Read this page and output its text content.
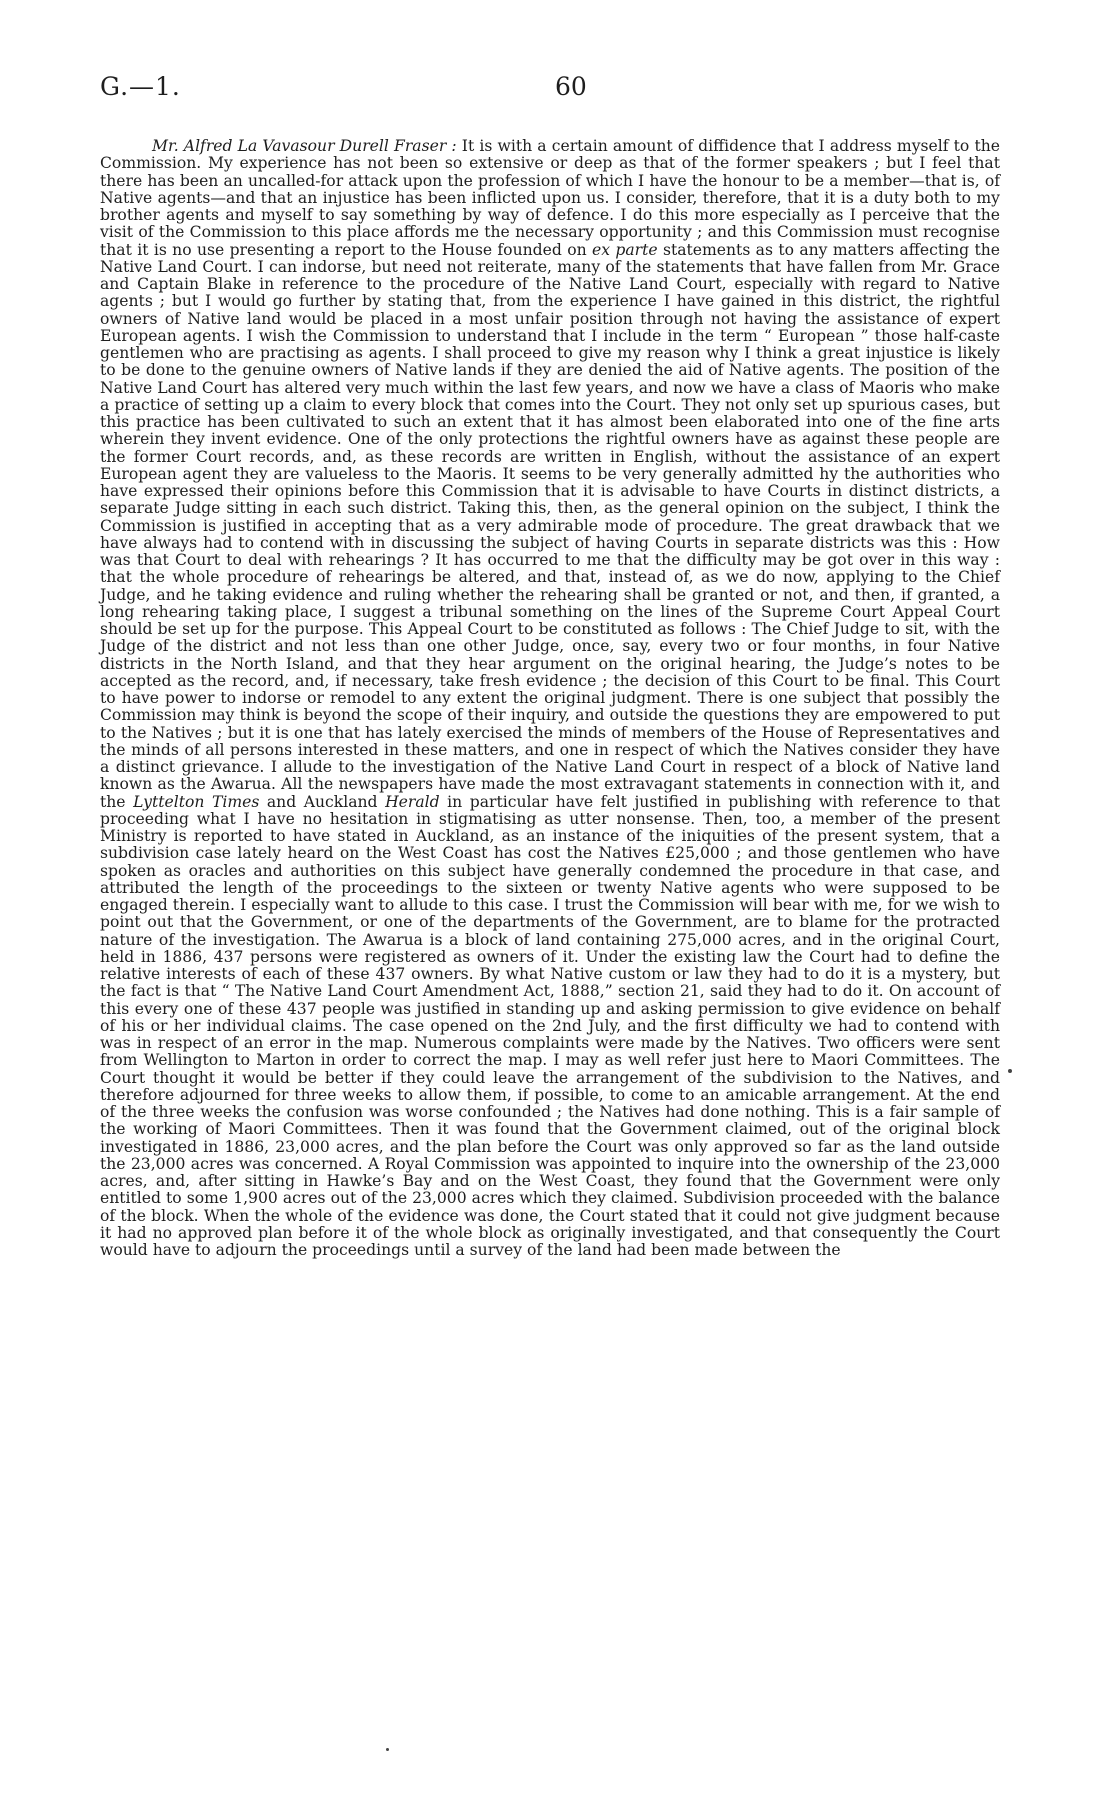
G.—1.	60

Mr. Alfred La Vavasour Durell Fraser : It is with a certain amount of diffidence that I address myself to the Commission. My experience has not been so extensive or deep as that of the former speakers ; but I feel that there has been an uncalled-for attack upon the profession of which I have the honour to be a member—that is, of Native agents—and that an injustice has been inflicted upon us. I consider, therefore, that it is a duty both to my brother agents and myself to say something by way of defence. I do this more especially as I perceive that the visit of the Commission to this place affords me the necessary opportunity ; and this Commission must recognise that it is no use presenting a report to the House founded on ex parte statements as to any matters affecting the Native Land Court. I can indorse, but need not reiterate, many of the statements that have fallen from Mr. Grace and Captain Blake in reference to the procedure of the Native Land Court, especially with regard to Native agents ; but I would go further by stating that, from the experience I have gained in this district, the rightful owners of Native land would be placed in a most unfair position through not having the assistance of expert European agents. I wish the Commission to understand that I include in the term “ European ” those half-caste gentlemen who are practising as agents. I shall proceed to give my reason why I think a great injustice is likely to be done to the genuine owners of Native lands if they are denied the aid of Native agents. The position of the Native Land Court has altered very much within the last few years, and now we have a class of Maoris who make a practice of setting up a claim to every block that comes into the Court. They not only set up spurious cases, but this practice has been cultivated to such an extent that it has almost been elaborated into one of the fine arts wherein they invent evidence. One of the only protections the rightful owners have as against these people are the former Court records, and, as these records are written in English, without the assistance of an expert European agent they are valueless to the Maoris. It seems to be very generally admitted hy the authorities who have expressed their opinions before this Commission that it is advisable to have Courts in distinct districts, a separate Judge sitting in each such district. Taking this, then, as the general opinion on the subject, I think the Commission is justified in accepting that as a very admirable mode of procedure. The great drawback that we have always had to contend with in discussing the subject of having Courts in separate districts was this : How was that Court to deal with rehearings ? It has occurred to me that the difficulty may be got over in this way : that the whole procedure of rehearings be altered, and that, instead of, as we do now, applying to the Chief Judge, and he taking evidence and ruling whether the rehearing shall be granted or not, and then, if granted, a long rehearing taking place, I suggest a tribunal something on the lines of the Supreme Court Appeal Court should be set up for the purpose. This Appeal Court to be constituted as follows : The Chief Judge to sit, with the Judge of the district and not less than one other Judge, once, say, every two or four months, in four Native districts in the North Island, and that they hear argument on the original hearing, the Judge’s notes to be accepted as the record, and, if necessary, take fresh evidence ; the decision of this Court to be final. This Court to have power to indorse or remodel to any extent the original judgment. There is one subject that possibly the Commission may think is beyond the scope of their inquiry, and outside the questions they are empowered to put to the Natives ; but it is one that has lately exercised the minds of members of the House of Representatives and the minds of all persons interested in these matters, and one in respect of which the Natives consider they have a distinct grievance. I allude to the investigation of the Native Land Court in respect of a block of Native land known as the Awarua. All the newspapers have made the most extravagant statements in connection with it, and the Lyttelton Times and Auckland Herald in particular have felt justified in publishing with reference to that proceeding what I have no hesitation in stigmatising as utter nonsense. Then, too, a member of the present Ministry is reported to have stated in Auckland, as an instance of the iniquities of the present system, that a subdivision case lately heard on the West Coast has cost the Natives £25,000 ; and those gentlemen who have spoken as oracles and authorities on this subject have generally condemned the procedure in that case, and attributed the length of the proceedings to the sixteen or twenty Native agents who were supposed to be engaged therein. I especially want to allude to this case. I trust the Commission will bear with me, for we wish to point out that the Government, or one of the departments of the Government, are to blame for the protracted nature of the investigation. The Awarua is a block of land containing 275,000 acres, and in the original Court, held in 1886, 437 persons were registered as owners of it. Under the existing law the Court had to define the relative interests of each of these 437 owners. By what Native custom or law they had to do it is a mystery, but the fact is that “ The Native Land Court Amendment Act, 1888,” section 21, said they had to do it. On account of this every one of these 437 people was justified in standing up and asking permission to give evidence on behalf of his or her individual claims. The case opened on the 2nd July, and the first difficulty we had to contend with was in respect of an error in the map. Numerous complaints were made by the Natives. Two officers were sent from Wellington to Marton in order to correct the map. I may as well refer just here to Maori Committees. The Court thought it would be better if they could leave the arrangement of the subdivision to the Natives, and therefore adjourned for three weeks to allow them, if possible, to come to an amicable arrangement. At the end of the three weeks the confusion was worse confounded ; the Natives had done nothing. This is a fair sample of the working of Maori Committees. Then it was found that the Government claimed, out of the original block investigated in 1886, 23,000 acres, and the plan before the Court was only approved so far as the land outside the 23,000 acres was concerned. A Royal Commission was appointed to inquire into the ownership of the 23,000 acres, and, after sitting in Hawke’s Bay and on the West Coast, they found that the Government were only entitled to some 1,900 acres out of the 23,000 acres which they claimed. Subdivision proceeded with the balance of the block. When the whole of the evidence was done, the Court stated that it could not give judgment because it had no approved plan before it of the whole block as originally investigated, and that consequently the Court would have to adjourn the proceedings until a survey of the land had been made between the
